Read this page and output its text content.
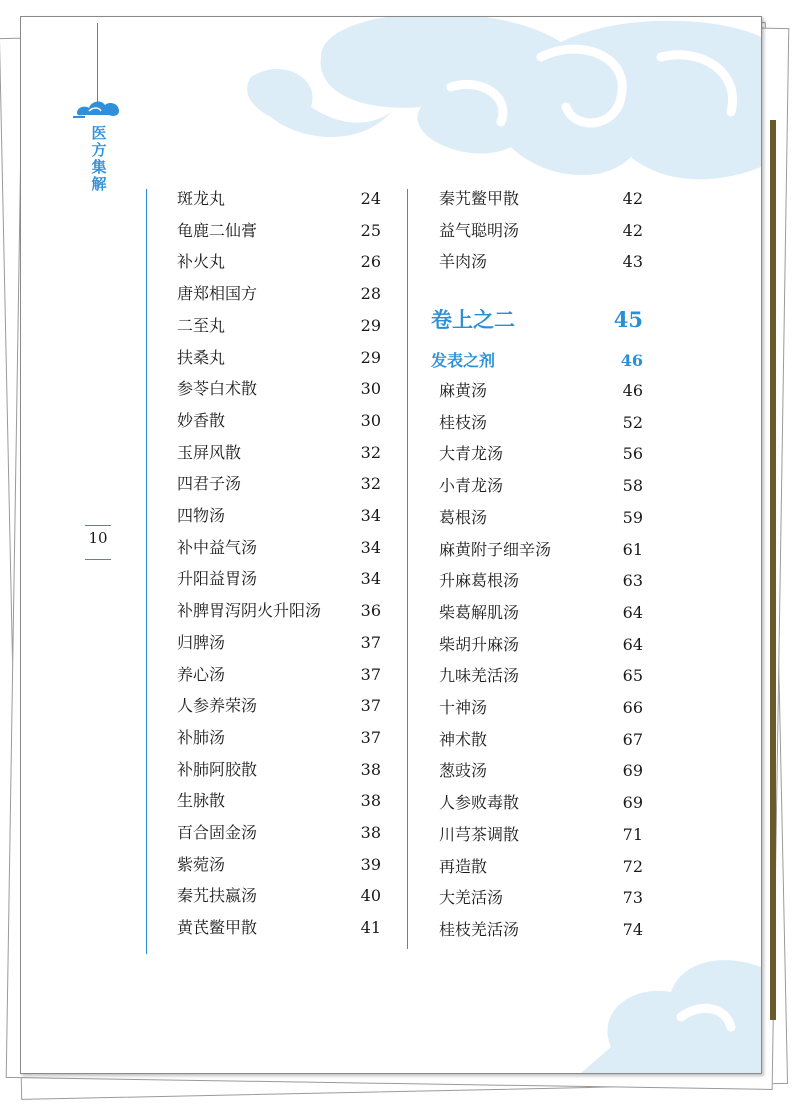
医方集解
10
斑龙丸	24
龟鹿二仙膏	25
补火丸	26
唐郑相国方	28
二至丸	29
扶桑丸	29
参苓白术散	30
妙香散	30
玉屏风散	32
四君子汤	32
四物汤	34
补中益气汤	34
升阳益胃汤	34
补脾胃泻阴火升阳汤 36
归脾汤	37
养心汤	37
人参养荣汤	37
补肺汤	37
补肺阿胶散	38
生脉散	38
百合固金汤	38
紫菀汤	39
秦艽扶嬴汤	40
黄芪鳖甲散	41
秦艽鳖甲散	42
益气聪明汤	42
羊肉汤	43
卷上之二	45
发表之剂	46
麻黄汤	46
桂枝汤	52
大青龙汤	56
小青龙汤	58
葛根汤	59
麻黄附子细辛汤	61
升麻葛根汤	63
柴葛解肌汤	64
柴胡升麻汤	64
九味羌活汤	65
十神汤	66
神术散	67
葱豉汤	69
人参败毒散	69
川芎茶调散	71
再造散	72
大羌活汤	73
桂枝羌活汤	74
